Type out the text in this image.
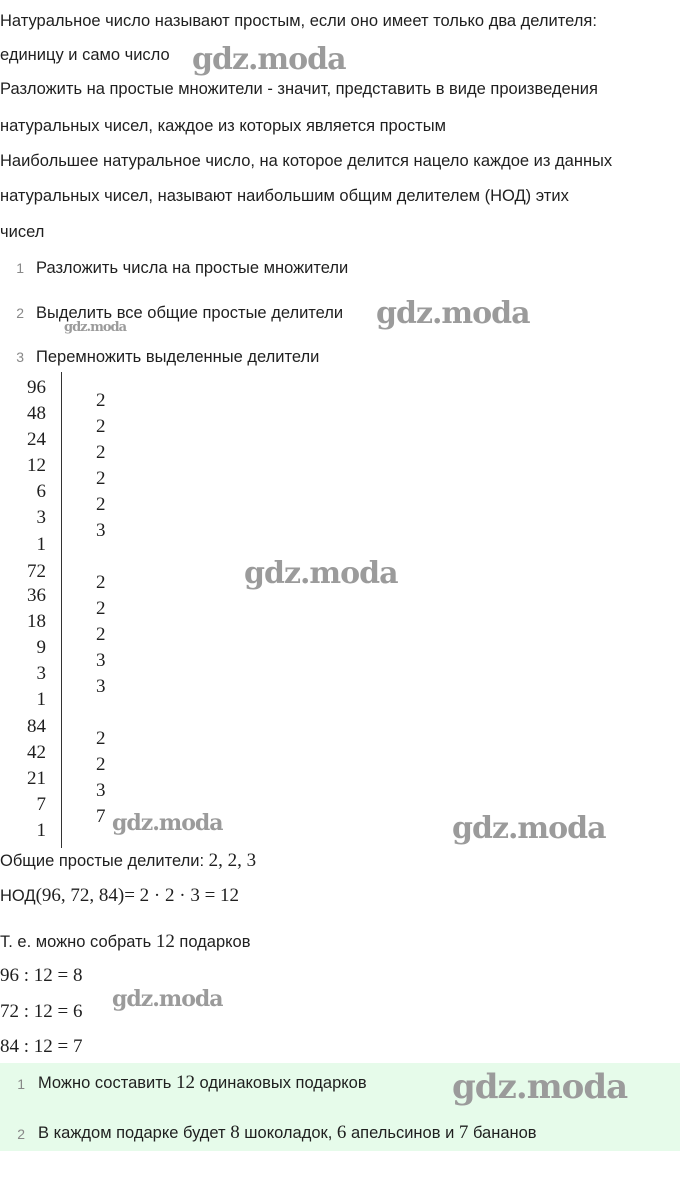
Натуральное число называют простым, если оно имеет только два делителя:
единицу и само число
Разложить на простые множители - значит, представить в виде произведения
натуральных чисел, каждое из которых является простым
Наибольшее натуральное число, на которое делится нацело каждое из данных
натуральных чисел, называют наибольшим общим делителем (НОД) этих
чисел
1 Разложить числа на простые множители
2 Выделить все общие простые делители
3 Перемножить выделенные делители
96
48
24
12
6
3
1
2
2
2
2
2
3
72
36
18
9
3
1
2
2
2
3
3
84
42
21
7
1
2
2
3
7
Общие простые делители: 2, 2, 3
НОД(96, 72, 84)= 2 · 2 · 3 = 12
Т. е. можно собрать 12 подарков
96 : 12 = 8
72 : 12 = 6
84 : 12 = 7
1 Можно составить 12 одинаковых подарков
2 В каждом подарке будет 8 шоколадок, 6 апельсинов и 7 бананов
gdz.moda
gdz.moda
gdz.moda
gdz.moda
gdz.moda	gdz.moda
gdz.moda
gdz.moda
